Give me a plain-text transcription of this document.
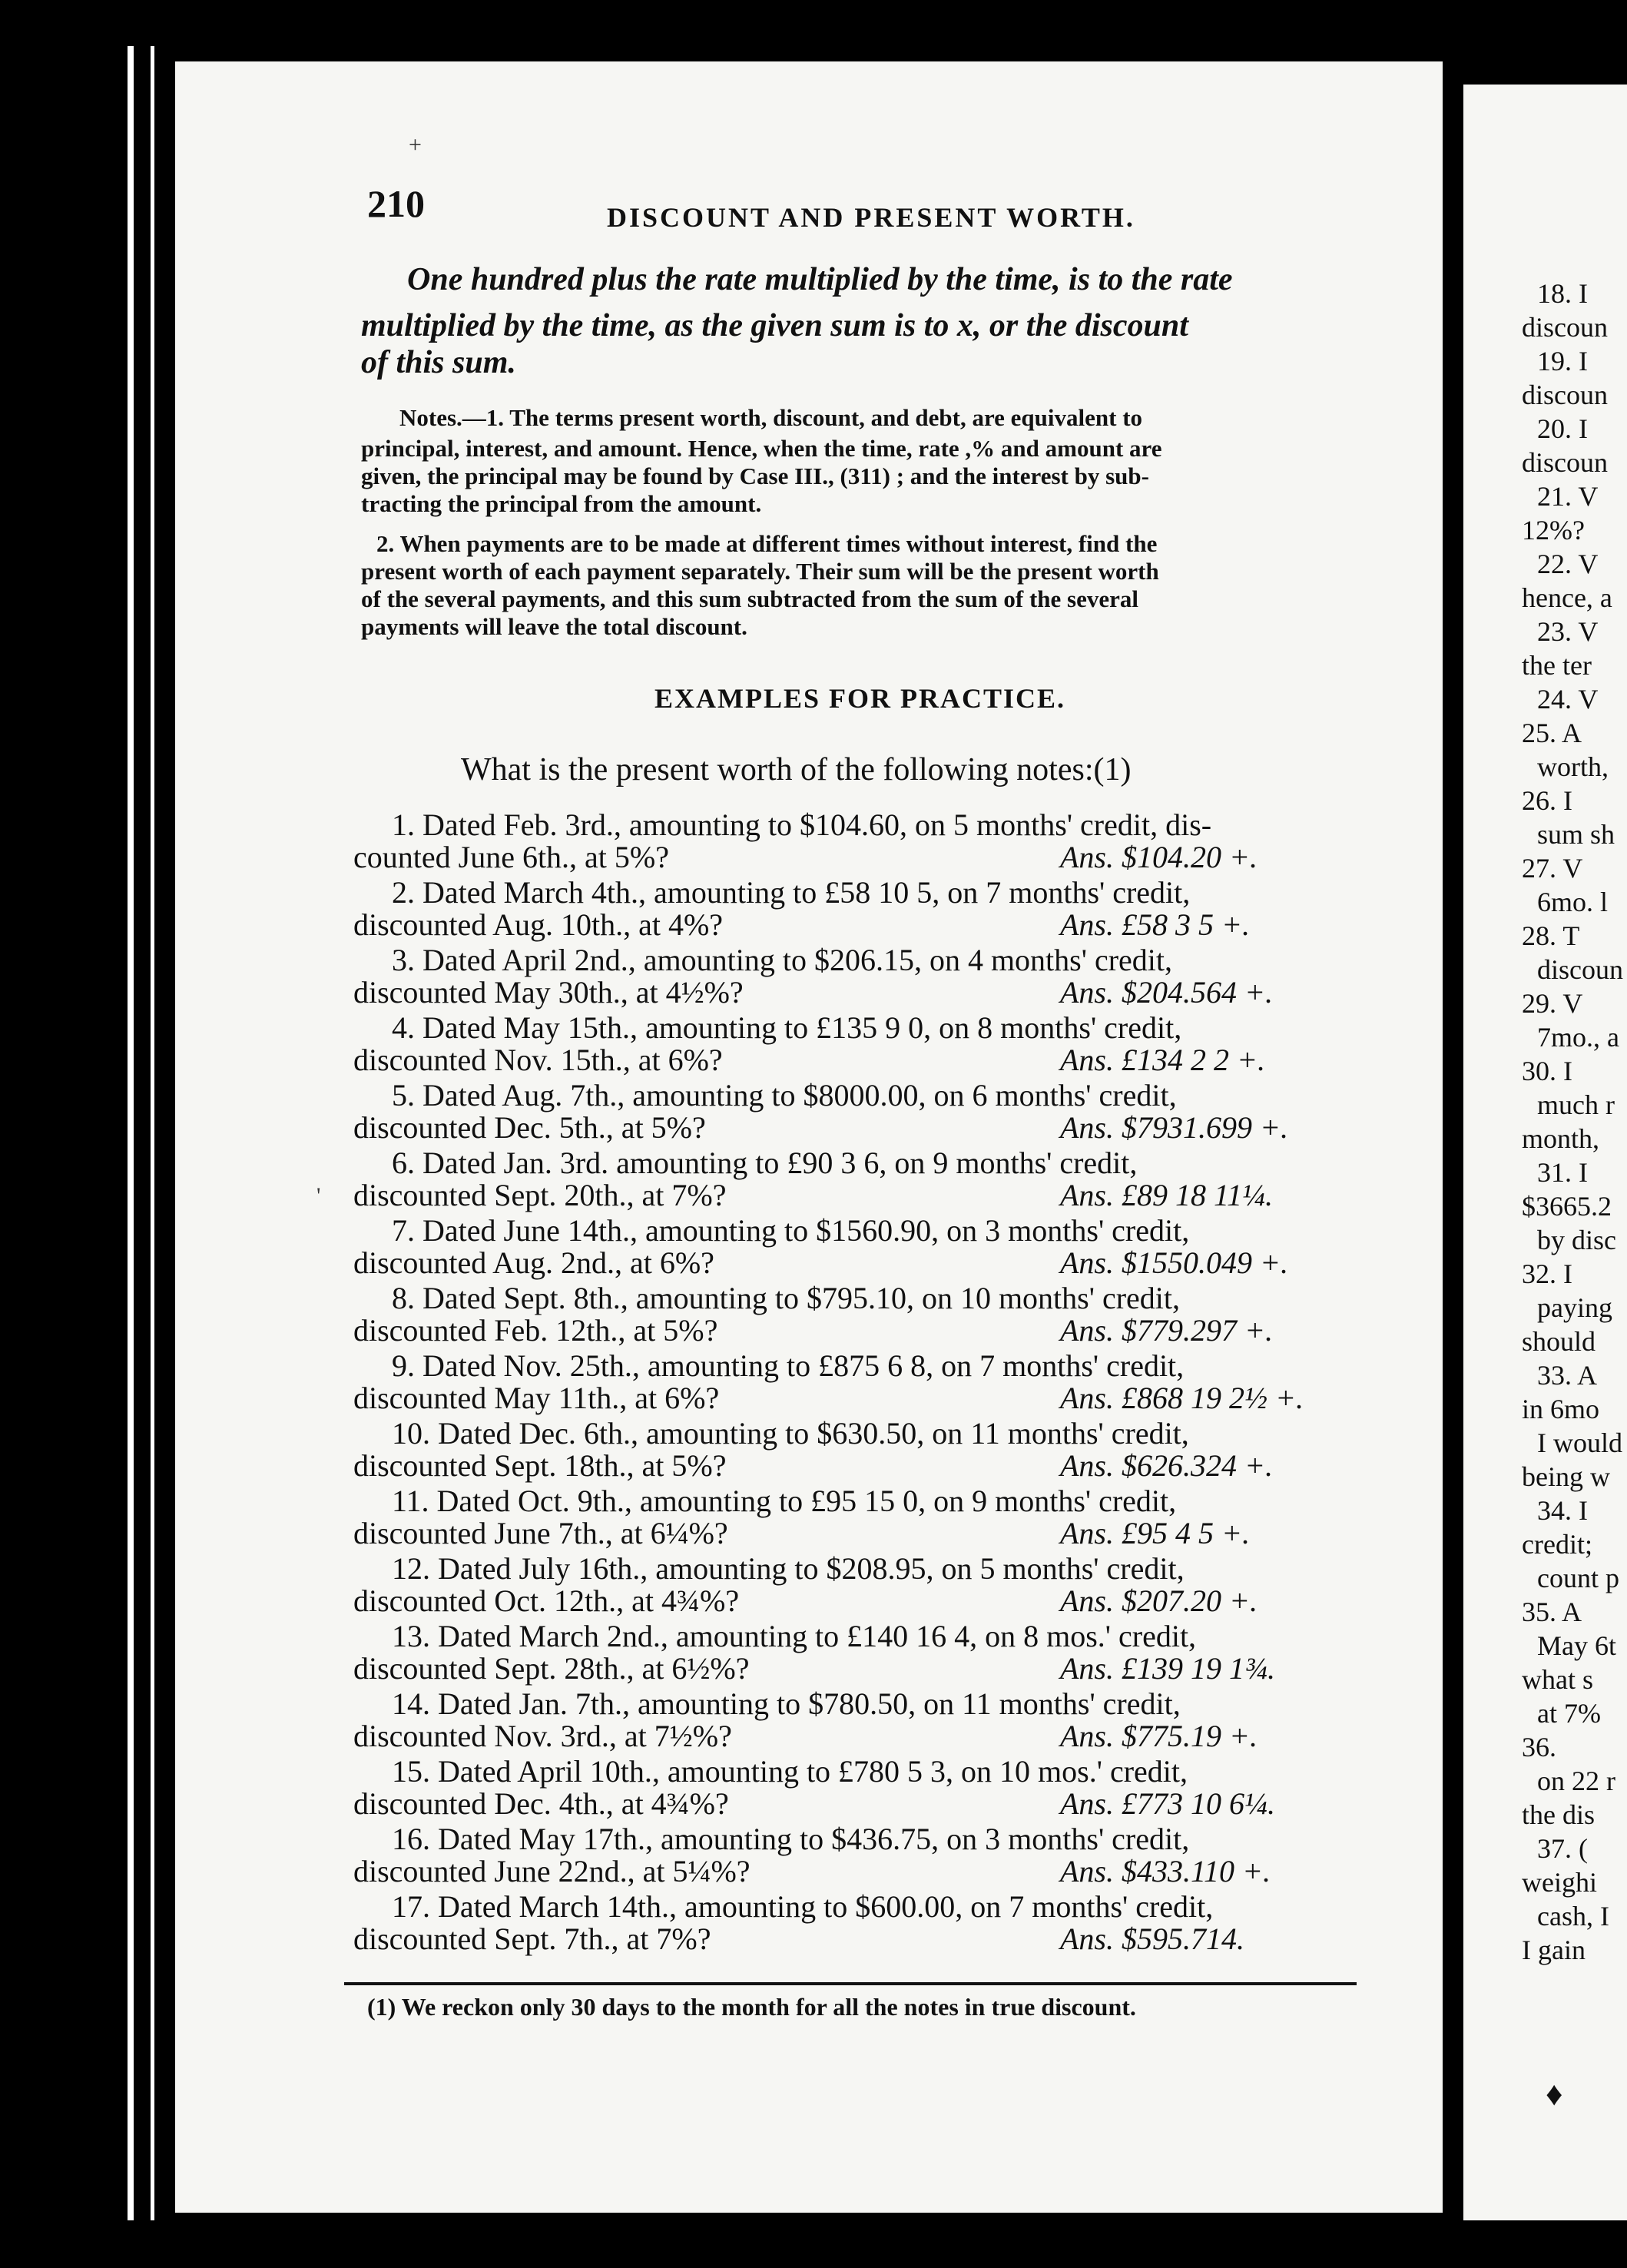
18. I
discoun
19. I
discoun
20. I
discoun
21. V
12%?
22. V
hence, a
23. V
the ter
24. V
25. A
worth,
26. I
sum sh
27. V
6mo. l
28. T
discoun
29. V
7mo., a
30. I
much r
month,
31. I
$3665.2
by disc
32. I
paying
should
33. A
in 6mo
I would
being w
34. I
credit;
count p
35. A
May 6t
what s
at 7%
36.
on 22 r
the dis
37. (
weighi
cash, I
I gain
210	DISCOUNT AND PRESENT WORTH.
One hundred plus the rate multiplied by the time, is to the rate
multiplied by the time, as the given sum is to x, or the discount
of this sum.
Notes.—1. The terms present worth, discount, and debt, are equivalent to
principal, interest, and amount. Hence, when the time, rate ,% and amount are
given, the principal may be found by Case III., (311) ; and the interest by sub-
tracting the principal from the amount.
2. When payments are to be made at different times without interest, find the
present worth of each payment separately. Their sum will be the present worth
of the several payments, and this sum subtracted from the sum of the several
payments will leave the total discount.
EXAMPLES FOR PRACTICE.
What is the present worth of the following notes:(1)
1. Dated Feb. 3rd., amounting to $104.60, on 5 months' credit, dis-
counted June 6th., at 5%?	Ans. $104.20 +.
2. Dated March 4th., amounting to £58 10 5, on 7 months' credit,
discounted Aug. 10th., at 4%?	Ans. £58 3 5 +.
3. Dated April 2nd., amounting to $206.15, on 4 months' credit,
discounted May 30th., at 4½%?	Ans. $204.564 +.
4. Dated May 15th., amounting to £135 9 0, on 8 months' credit,
discounted Nov. 15th., at 6%?	Ans. £134 2 2 +.
5. Dated Aug. 7th., amounting to $8000.00, on 6 months' credit,
discounted Dec. 5th., at 5%?	Ans. $7931.699 +.
6. Dated Jan. 3rd. amounting to £90 3 6, on 9 months' credit,
discounted Sept. 20th., at 7%?	Ans. £89 18 11¼.
7. Dated June 14th., amounting to $1560.90, on 3 months' credit,
discounted Aug. 2nd., at 6%?	Ans. $1550.049 +.
8. Dated Sept. 8th., amounting to $795.10, on 10 months' credit,
discounted Feb. 12th., at 5%?	Ans. $779.297 +.
9. Dated Nov. 25th., amounting to £875 6 8, on 7 months' credit,
discounted May 11th., at 6%?	Ans. £868 19 2½ +.
10. Dated Dec. 6th., amounting to $630.50, on 11 months' credit,
discounted Sept. 18th., at 5%?	Ans. $626.324 +.
11. Dated Oct. 9th., amounting to £95 15 0, on 9 months' credit,
discounted June 7th., at 6¼%?	Ans. £95 4 5 +.
12. Dated July 16th., amounting to $208.95, on 5 months' credit,
discounted Oct. 12th., at 4¾%?	Ans. $207.20 +.
13. Dated March 2nd., amounting to £140 16 4, on 8 mos.' credit,
discounted Sept. 28th., at 6½%?	Ans. £139 19 1¾.
14. Dated Jan. 7th., amounting to $780.50, on 11 months' credit,
discounted Nov. 3rd., at 7½%?	Ans. $775.19 +.
15. Dated April 10th., amounting to £780 5 3, on 10 mos.' credit,
discounted Dec. 4th., at 4¾%?	Ans. £773 10 6¼.
16. Dated May 17th., amounting to $436.75, on 3 months' credit,
discounted June 22nd., at 5¼%?	Ans. $433.110 +.
17. Dated March 14th., amounting to $600.00, on 7 months' credit,
discounted Sept. 7th., at 7%?	Ans. $595.714.
(1) We reckon only 30 days to the month for all the notes in true discount.
+
'
♦
